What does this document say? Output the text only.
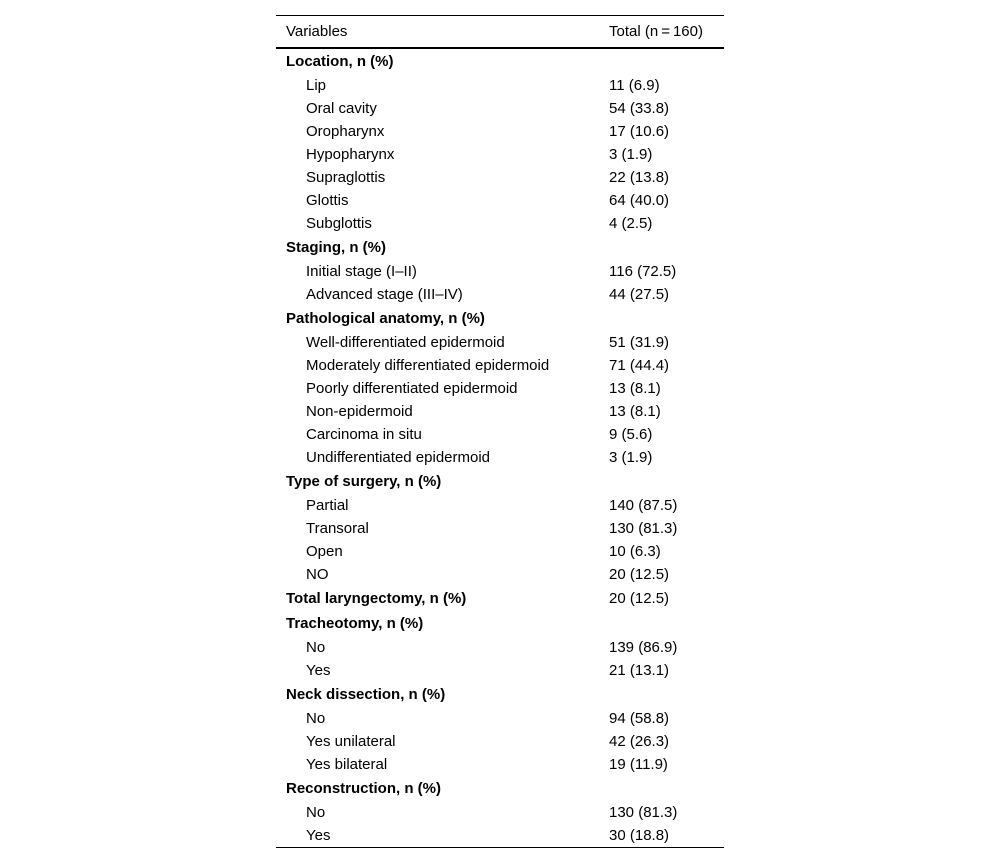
Variables	Total (n = 160)
Location, n (%)	
Lip	11 (6.9)
Oral cavity	54 (33.8)
Oropharynx	17 (10.6)
Hypopharynx	3 (1.9)
Supraglottis	22 (13.8)
Glottis	64 (40.0)
Subglottis	4 (2.5)
Staging, n (%)	
Initial stage (I–II)	116 (72.5)
Advanced stage (III–IV)	44 (27.5)
Pathological anatomy, n (%)	
Well-differentiated epidermoid	51 (31.9)
Moderately differentiated epidermoid	71 (44.4)
Poorly differentiated epidermoid	13 (8.1)
Non-epidermoid	13 (8.1)
Carcinoma in situ	9 (5.6)
Undifferentiated epidermoid	3 (1.9)
Type of surgery, n (%)	
Partial	140 (87.5)
Transoral	130 (81.3)
Open	10 (6.3)
NO	20 (12.5)
Total laryngectomy, n (%)	20 (12.5)
Tracheotomy, n (%)	
No	139 (86.9)
Yes	21 (13.1)
Neck dissection, n (%)	
No	94 (58.8)
Yes unilateral	42 (26.3)
Yes bilateral	19 (11.9)
Reconstruction, n (%)	
No	130 (81.3)
Yes	30 (18.8)
